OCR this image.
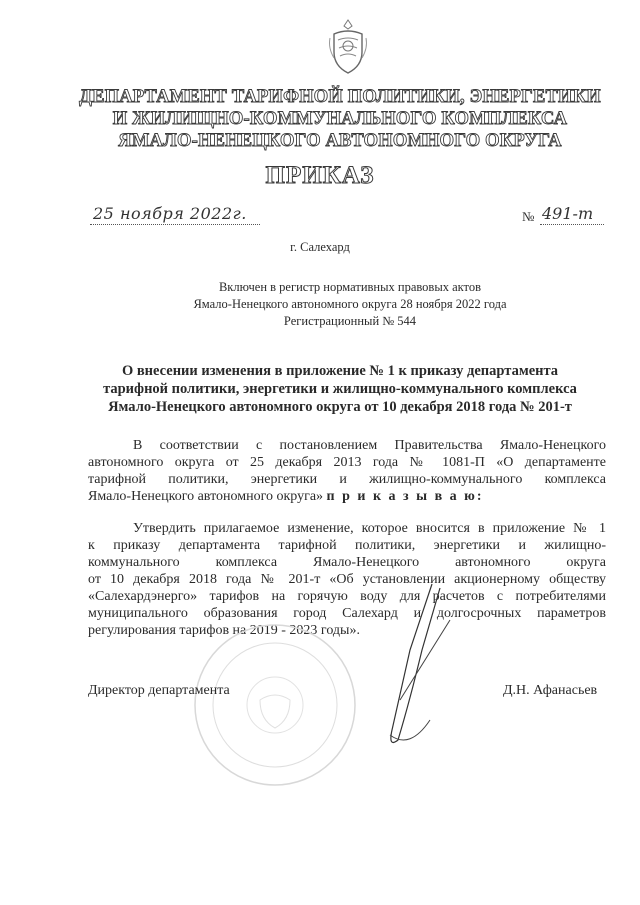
ДЕПАРТАМЕНТ ТАРИФНОЙ ПОЛИТИКИ, ЭНЕРГЕТИКИ
И ЖИЛИЩНО-КОММУНАЛЬНОГО КОМПЛЕКСА
ЯМАЛО-НЕНЕЦКОГО АВТОНОМНОГО ОКРУГА
ПРИКАЗ
25 ноября 2022г.	№ 491-т
г. Салехард
Включен в регистр нормативных правовых актов
Ямало-Ненецкого автономного округа 28 ноября 2022 года
Регистрационный № 544
О внесении изменения в приложение № 1 к приказу департамента
тарифной политики, энергетики и жилищно-коммунального комплекса
Ямало-Ненецкого автономного округа от 10 декабря 2018 года № 201-т
В соответствии с постановлением Правительства Ямало-Ненецкого
автономного округа от 25 декабря 2013 года № 1081-П «О департаменте
тарифной политики, энергетики и жилищно-коммунального комплекса
Ямало-Ненецкого автономного округа» п р и к а з ы в а ю:
Утвердить прилагаемое изменение, которое вносится в приложение № 1
к приказу департамента тарифной политики, энергетики и жилищно-
коммунального комплекса Ямало-Ненецкого автономного округа
от 10 декабря 2018 года № 201-т «Об установлении акционерному обществу
«Салехардэнерго» тарифов на горячую воду для расчетов с потребителями
муниципального образования город Салехард и долгосрочных параметров
регулирования тарифов на 2019 - 2023 годы».
Директор департамента	Д.Н. Афанасьев
